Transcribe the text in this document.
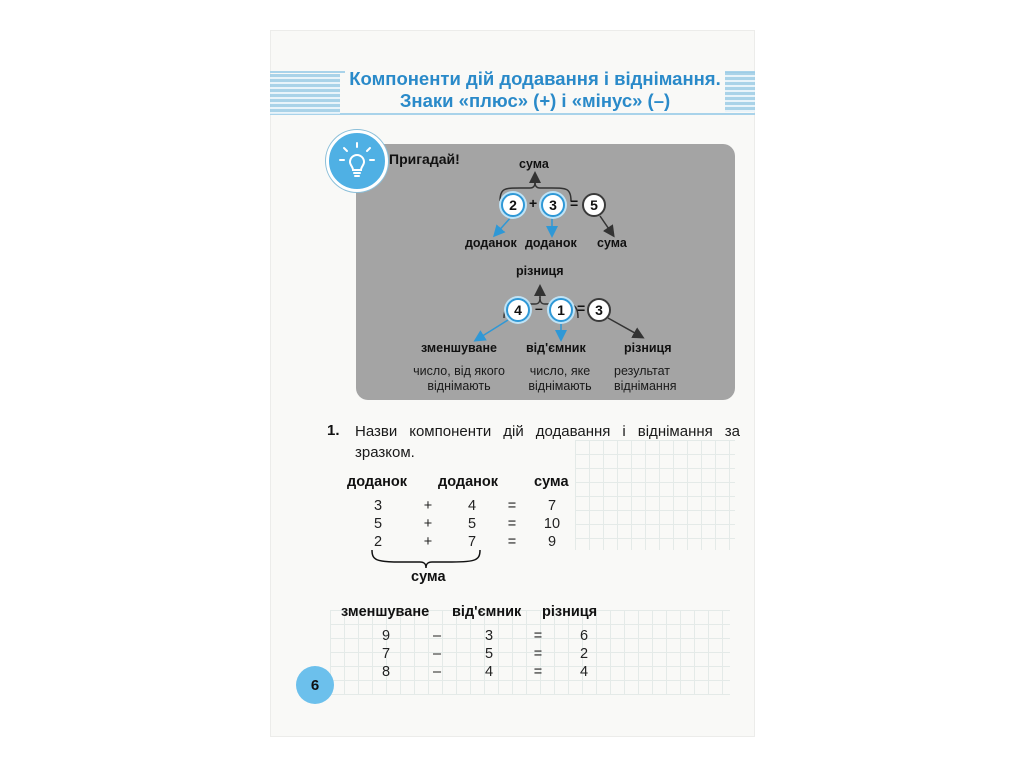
Компоненти дій додавання і віднімання.
Знаки «плюс» (+) і «мінус» (–)
Пригадай!	сума
2 + 3 = 5
доданок доданок сума
різниця
4 –	1 = 3
зменшуване від'ємник	різниця
число, від якого
віднімають
число, яке
віднімають
результат
віднімання
1. Назви компоненти дій додавання і віднімання за зразком.
доданок доданок сума
3	+	4	=	7
5	+	5	=	10
2	+	7	=	9
сума
зменшуване від'ємник різниця
9	–	3	=	6
7	–	5	=	2
8	–	4	=	4
6
